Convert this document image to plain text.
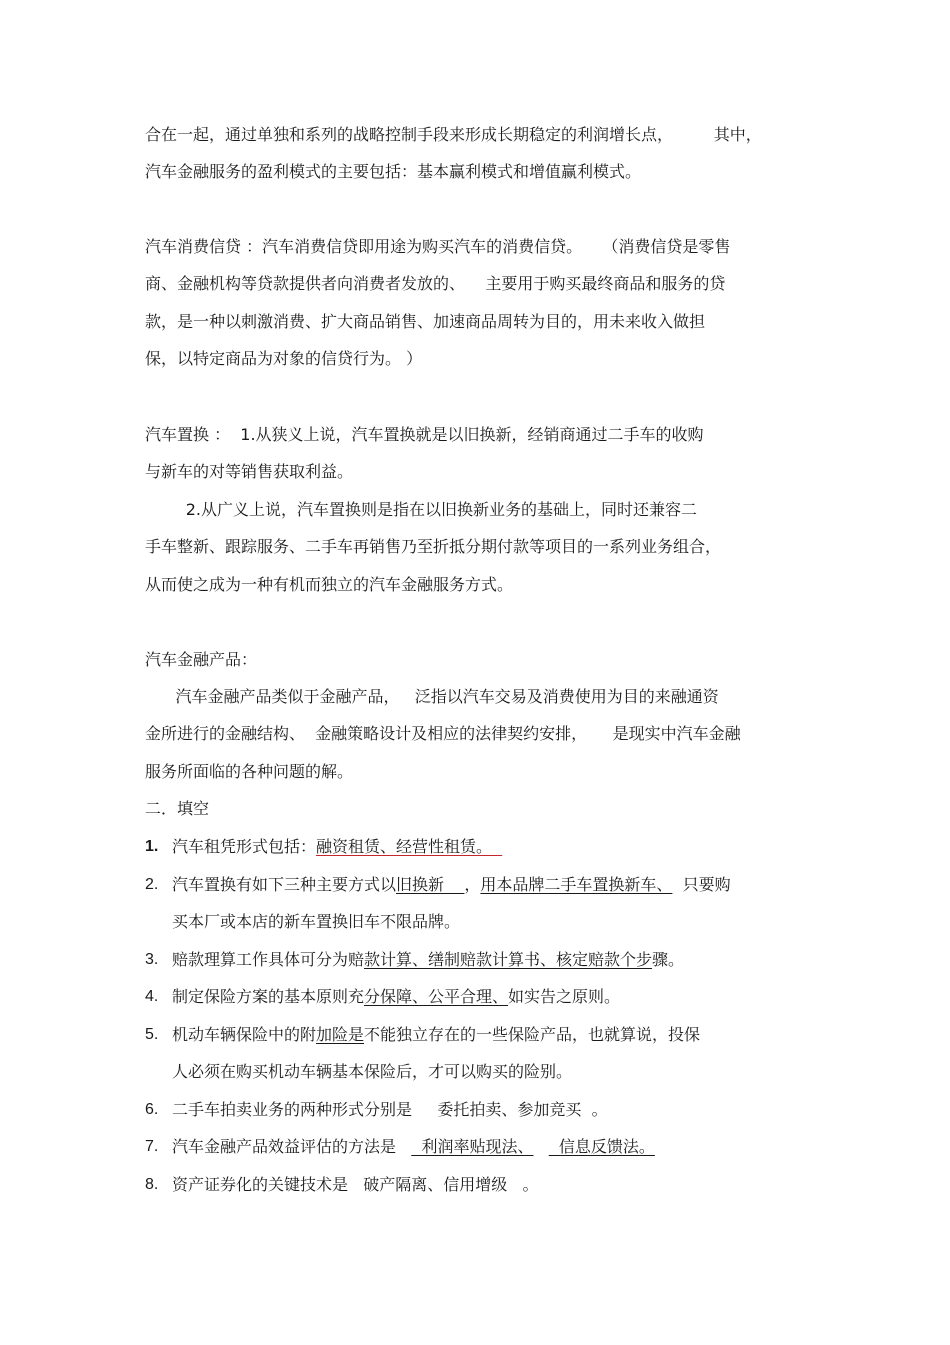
合在一起，通过单独和系列的战略控制手段来形成长期稳定的利润增长点，        其中，
汽车金融服务的盈利模式的主要包括：基本赢利模式和增值赢利模式。
汽车消费信贷 ：汽车消费信贷即用途为购买汽车的消费信贷。    （消费信贷是零售
商、金融机构等贷款提供者向消费者发放的、    主要用于购买最终商品和服务的贷
款，是一种以刺激消费、扩大商品销售、加速商品周转为目的，用未来收入做担
保，以特定商品为对象的信贷行为。 ）
汽车置换 ：  1.从狭义上说，汽车置换就是以旧换新，经销商通过二手车的收购
与新车的对等销售获取利益。
2.从广义上说，汽车置换则是指在以旧换新业务的基础上，同时还兼容二
手车整新、跟踪服务、二手车再销售乃至折抵分期付款等项目的一系列业务组合，
从而使之成为一种有机而独立的汽车金融服务方式。
汽车金融产品：
汽车金融产品类似于金融产品，   泛指以汽车交易及消费使用为目的来融通资
金所进行的金融结构、  金融策略设计及相应的法律契约安排，     是现实中汽车金融
服务所面临的各种问题的解。
二．填空
1. 汽车租凭形式包括：融资租赁、经营性租赁。
2. 汽车置换有如下三种主要方式以旧换新    ，用本品牌二手车置换新车、  只要购
买本厂或本店的新车置换旧车不限品牌。
3. 赔款理算工作具体可分为赔款计算、缮制赔款计算书、核定赔款个步骤。
4. 制定保险方案的基本原则充分保障、公平合理、如实告之原则。
5. 机动车辆保险中的附加险是不能独立存在的一些保险产品，也就算说，投保
人必须在购买机动车辆基本保险后，才可以购买的险别。
6. 二手车拍卖业务的两种形式分别是     委托拍卖、参加竞买  。
7. 汽车金融产品效益评估的方法是     利润率贴现法、     信息反馈法。
8. 资产证券化的关键技术是   破产隔离、信用增级   。
